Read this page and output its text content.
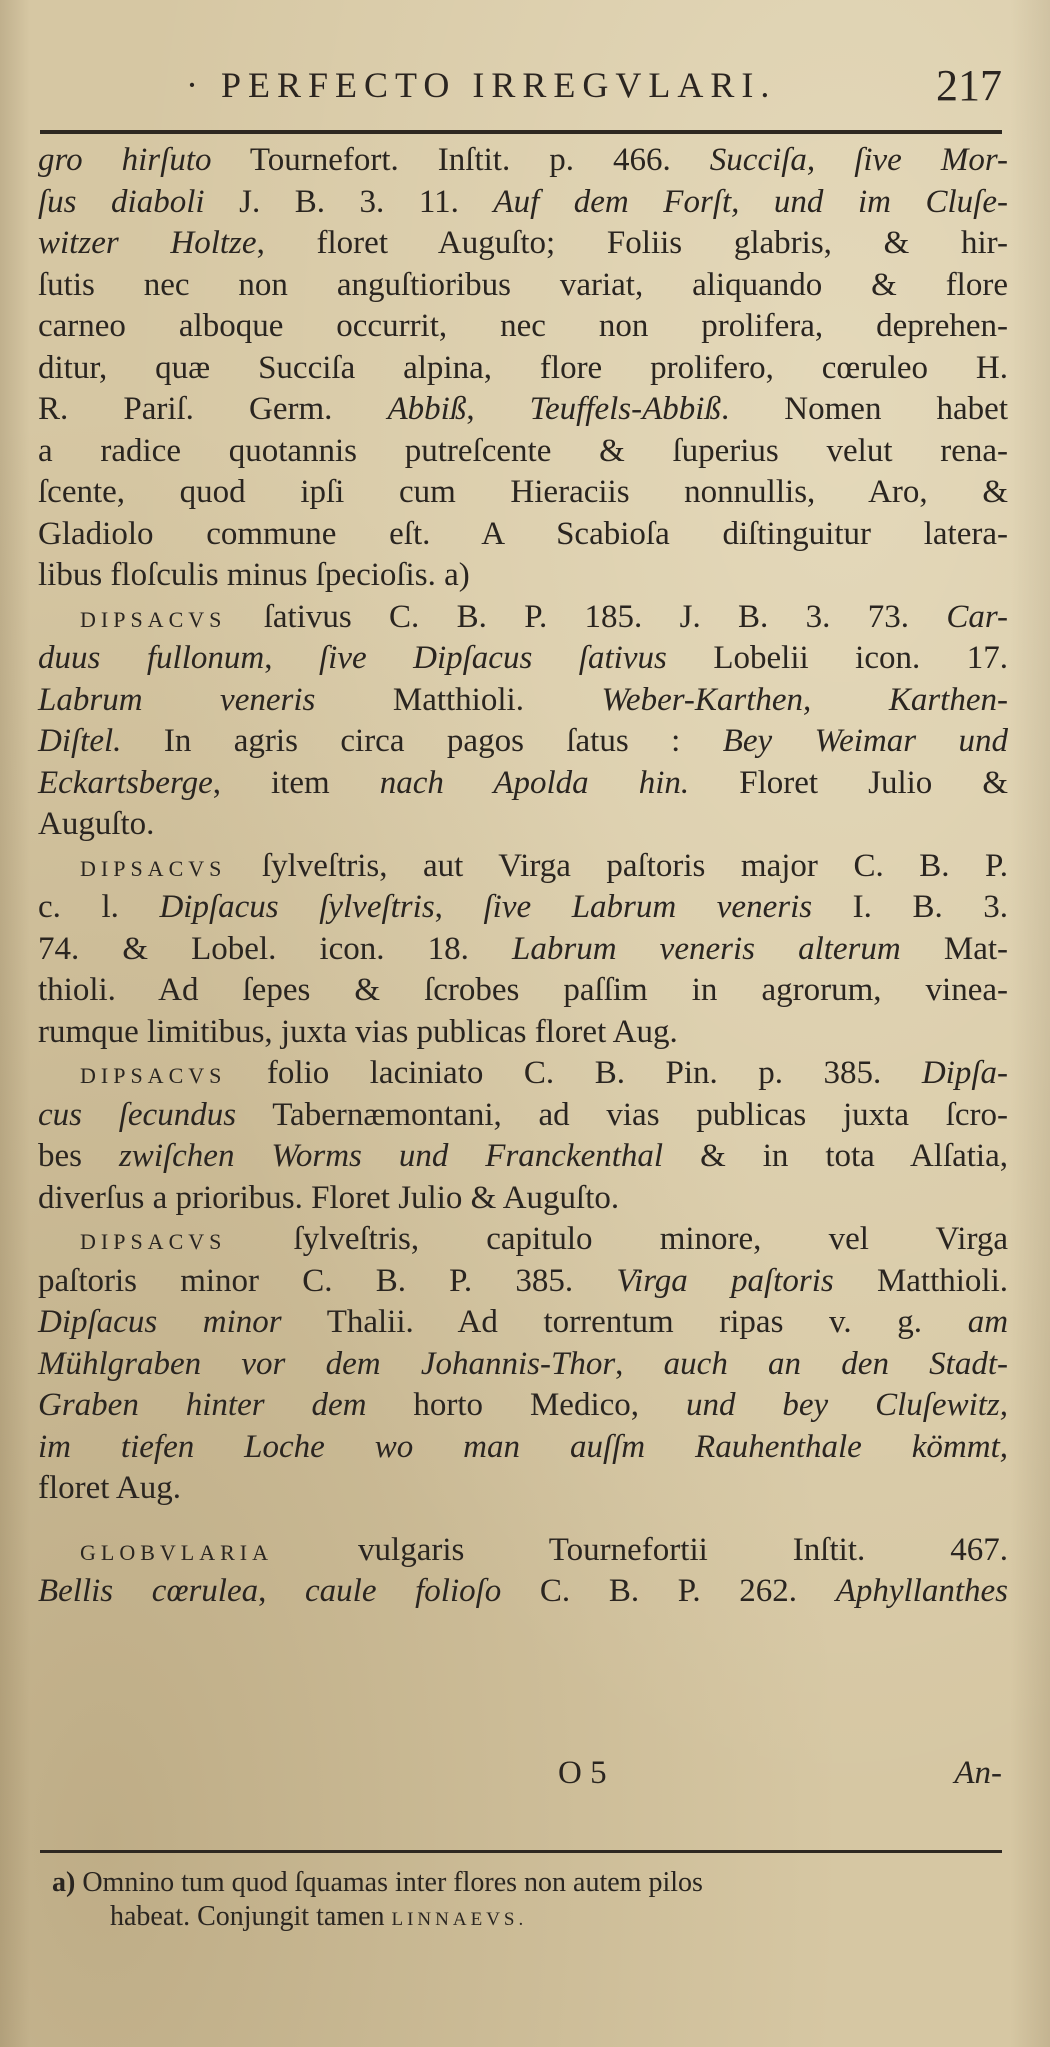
· PERFECTO IRREGVLARI.	217
gro hirſuto Tournefort. Inſtit. p. 466. Succiſa, ſive Mor-
ſus diaboli J. B. 3. 11. Auf dem Forſt, und im Cluſe-
witzer Holtze, floret Auguſto; Foliis glabris, & hir-
ſutis nec non anguſtioribus variat, aliquando & flore
carneo alboque occurrit, nec non prolifera, deprehen-
ditur, quæ Succiſa alpina, flore prolifero, cœruleo H.
R. Pariſ. Germ. Abbiß, Teuffels-Abbiß. Nomen habet
a radice quotannis putreſcente & ſuperius velut rena-
ſcente, quod ipſi cum Hieraciis nonnullis, Aro, &
Gladiolo commune eſt. A Scabioſa diſtinguitur latera-
libus floſculis minus ſpecioſis. a)
DIPSACVS ſativus C. B. P. 185. J. B. 3. 73. Car-
duus fullonum, ſive Dipſacus ſativus Lobelii icon. 17.
Labrum veneris Matthioli. Weber-Karthen, Karthen-
Diſtel. In agris circa pagos ſatus : Bey Weimar und
Eckartsberge, item nach Apolda hin. Floret Julio &
Auguſto.
DIPSACVS ſylveſtris, aut Virga paſtoris major C. B. P.
c. l. Dipſacus ſylveſtris, ſive Labrum veneris I. B. 3.
74. & Lobel. icon. 18. Labrum veneris alterum Mat-
thioli. Ad ſepes & ſcrobes paſſim in agrorum, vinea-
rumque limitibus, juxta vias publicas floret Aug.
DIPSACVS folio laciniato C. B. Pin. p. 385. Dipſa-
cus ſecundus Tabernæmontani, ad vias publicas juxta ſcro-
bes zwiſchen Worms und Franckenthal & in tota Alſatia,
diverſus a prioribus. Floret Julio & Auguſto.
DIPSACVS ſylveſtris, capitulo minore, vel Virga
paſtoris minor C. B. P. 385. Virga paſtoris Matthioli.
Dipſacus minor Thalii. Ad torrentum ripas v. g. am
Mühlgraben vor dem Johannis-Thor, auch an den Stadt-
Graben hinter dem horto Medico, und bey Cluſewitz,
im tiefen Loche wo man auſſm Rauhenthale kömmt,
floret Aug.
GLOBVLARIA	vulgaris Tournefortii Inſtit. 467.
Bellis cœrulea, caule folioſo C. B. P. 262. Aphyllanthes
O 5	An-
a) Omnino tum quod ſquamas inter flores non autem pilos
habeat. Conjungit tamen LINNAEVS.
